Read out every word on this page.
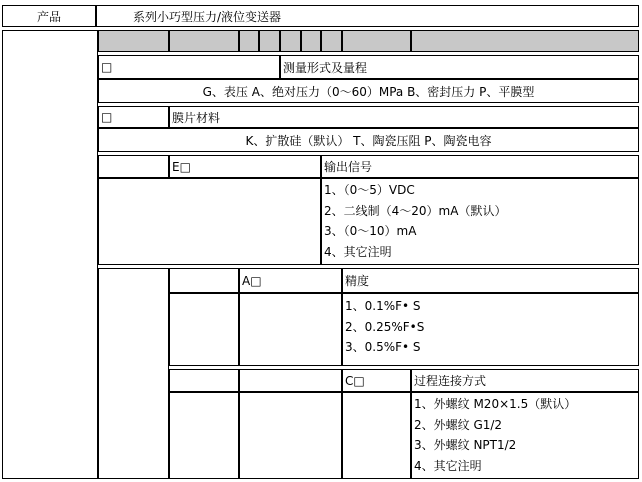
产品	系列小巧型压力/液位变送器
□	测量形式及量程
G、表压 A、绝对压力（0～60）MPa B、密封压力 P、平膜型
□	膜片材料
K、扩散硅（默认） T、陶瓷压阻 P、陶瓷电容
E□	输出信号
1、（0～5）VDC
2、二线制（4～20）mA（默认）
3、（0～10）mA
4、其它注明
A□	精度
1、0.1%F• S
2、0.25%F•S
3、0.5%F• S
C□	过程连接方式
1、外螺纹 M20×1.5（默认）
2、外螺纹 G1/2
3、外螺纹 NPT1/2
4、其它注明
